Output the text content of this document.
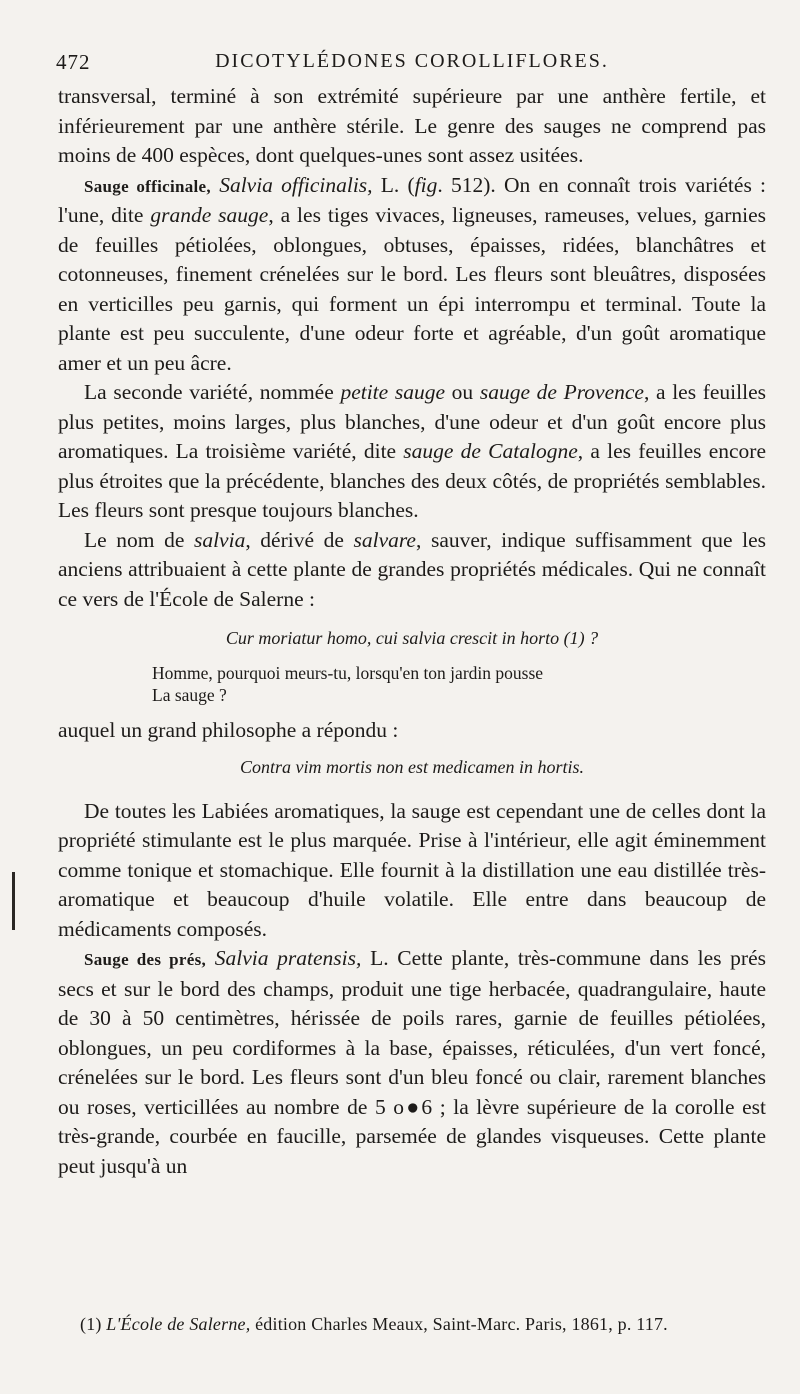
472	DICOTYLÉDONES COROLLIFLORES.

transversal, terminé à son extrémité supérieure par une anthère fertile, et inférieurement par une anthère stérile. Le genre des sauges ne comprend pas moins de 400 espèces, dont quelques-unes sont assez usitées.

Sauge officinale, Salvia officinalis, L. (fig. 512). On en connaît trois variétés : l'une, dite grande sauge, a les tiges vivaces, ligneuses, rameuses, velues, garnies de feuilles pétiolées, oblongues, obtuses, épaisses, ridées, blanchâtres et cotonneuses, finement crénelées sur le bord. Les fleurs sont bleuâtres, disposées en verticilles peu garnis, qui forment un épi interrompu et terminal. Toute la plante est peu succulente, d'une odeur forte et agréable, d'un goût aromatique amer et un peu âcre.

La seconde variété, nommée petite sauge ou sauge de Provence, a les feuilles plus petites, moins larges, plus blanches, d'une odeur et d'un goût encore plus aromatiques. La troisième variété, dite sauge de Catalogne, a les feuilles encore plus étroites que la précédente, blanches des deux côtés, de propriétés semblables. Les fleurs sont presque toujours blanches.

Le nom de salvia, dérivé de salvare, sauver, indique suffisamment que les anciens attribuaient à cette plante de grandes propriétés médicales. Qui ne connaît ce vers de l'École de Salerne :

Cur moriatur homo, cui salvia crescit in horto (1) ?
Homme, pourquoi meurs-tu, lorsqu'en ton jardin pousse
La sauge ?

auquel un grand philosophe a répondu :

Contra vim mortis non est medicamen in hortis.

De toutes les Labiées aromatiques, la sauge est cependant une de celles dont la propriété stimulante est le plus marquée. Prise à l'intérieur, elle agit éminemment comme tonique et stomachique. Elle fournit à la distillation une eau distillée très-aromatique et beaucoup d'huile volatile. Elle entre dans beaucoup de médicaments composés.

Sauge des prés, Salvia pratensis, L. Cette plante, très-commune dans les prés secs et sur le bord des champs, produit une tige herbacée, quadrangulaire, haute de 30 à 50 centimètres, hérissée de poils rares, garnie de feuilles pétiolées, oblongues, un peu cordiformes à la base, épaisses, réticulées, d'un vert foncé, crénelées sur le bord. Les fleurs sont d'un bleu foncé ou clair, rarement blanches ou roses, verticillées au nombre de 5 o●6 ; la lèvre supérieure de la corolle est très-grande, courbée en faucille, parsemée de glandes visqueuses. Cette plante peut jusqu'à un

(1) L'École de Salerne, édition Charles Meaux, Saint-Marc. Paris, 1861, p. 117.
